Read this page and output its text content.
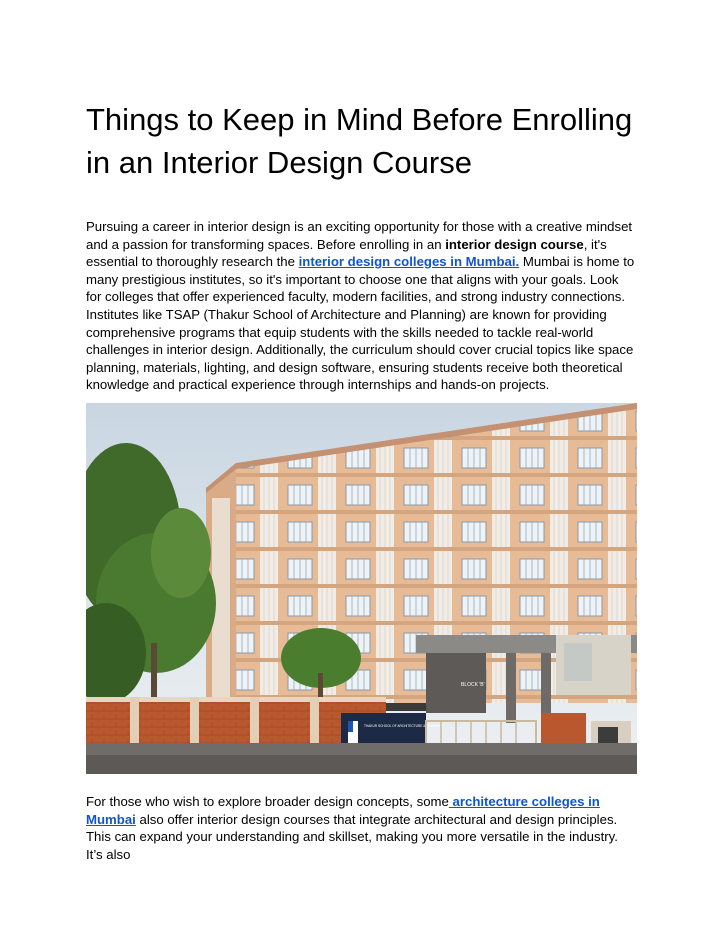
Things to Keep in Mind Before Enrolling in an Interior Design Course

Pursuing a career in interior design is an exciting opportunity for those with a creative mindset and a passion for transforming spaces. Before enrolling in an interior design course, it's essential to thoroughly research the interior design colleges in Mumbai. Mumbai is home to many prestigious institutes, so it's important to choose one that aligns with your goals. Look for colleges that offer experienced faculty, modern facilities, and strong industry connections. Institutes like TSAP (Thakur School of Architecture and Planning) are known for providing comprehensive programs that equip students with the skills needed to tackle real-world challenges in interior design. Additionally, the curriculum should cover crucial topics like space planning, materials, lighting, and design software, ensuring students receive both theoretical knowledge and practical experience through internships and hands-on projects.

BLOCK 'B'
THAKUR SCHOOL OF ARCHITECTURE & PLANNING

For those who wish to explore broader design concepts, some architecture colleges in Mumbai also offer interior design courses that integrate architectural and design principles. This can expand your understanding and skillset, making you more versatile in the industry. It’s also
